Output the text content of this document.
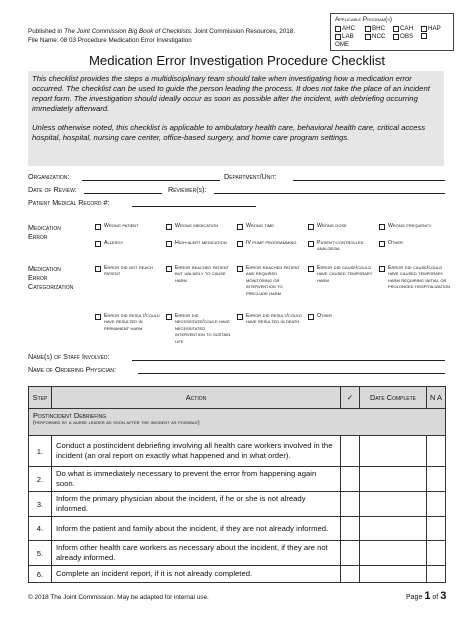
Published in The Joint Commission Big Book of Checklists. Joint Commission Resources, 2018.
File Name: 08 03 Procedure Medication Error Investigation
Applicable Program(s)
AHC	BHC CAH HAP
LAB	NCC OBS
OME
Medication Error Investigation Procedure Checklist

This checklist provides the steps a multidisciplinary team should take when investigating how a medication error occurred. The checklist can be used to guide the person leading the process. It does not take the place of an incident report form. The investigation should ideally occur as soon as possible after the incident, with debriefing occurring immediately afterward.

Unless otherwise noted, this checklist is applicable to ambulatory health care, behavioral health care, critical access hospital, hospital, nursing care center, office-based surgery, and home care program settings.

Organization:	Department/Unit:
Date of Review:	Reviewer(s):
Patient Medical Record #:
Medication
Error
Wrong patient	Wrong medication	Wrong time	Wrong dose	Wrong frequency
Allergy	High-alert medication	IV pump programming	Patient-controlled analgesia
Other
Medication
Error
Categorization
Error did not reach patient
Error reached patient but unlikely to cause harm
Error reached patient and required monitoring or intervention to preclude harm
Error did cause/could have caused temporary harm
Error did cause/could have caused temporary harm requiring initial or prolonged hospitalization
Error did result/could have resulted in permanent harm
Error did necessitate/could have necessitated intervention to sustain life
Error did result/could have resulted in death
Other
Name(s) of Staff Involved:
Name of Ordering Physician:
Step	Action	✓	Date Complete	N A

Postincident Debriefing
(performed by a nurse leader as soon after the incident as possible)				

1.	Conduct a postincident debriefing involving all health care workers involved in the incident (an oral report on exactly what happened and in what order).			
2.	Do what is immediately necessary to prevent the error from happening again soon.			
3.	Inform the primary physician about the incident, if he or she is not already informed.			
4.	Inform the patient and family about the incident, if they are not already informed.			
5.	Inform other health care workers as necessary about the incident, if they are not already informed.			
6.	Complete an incident report, if it is not already completed.			
© 2018 The Joint Commission. May be adapted for internal use.	Page 1 of 3
